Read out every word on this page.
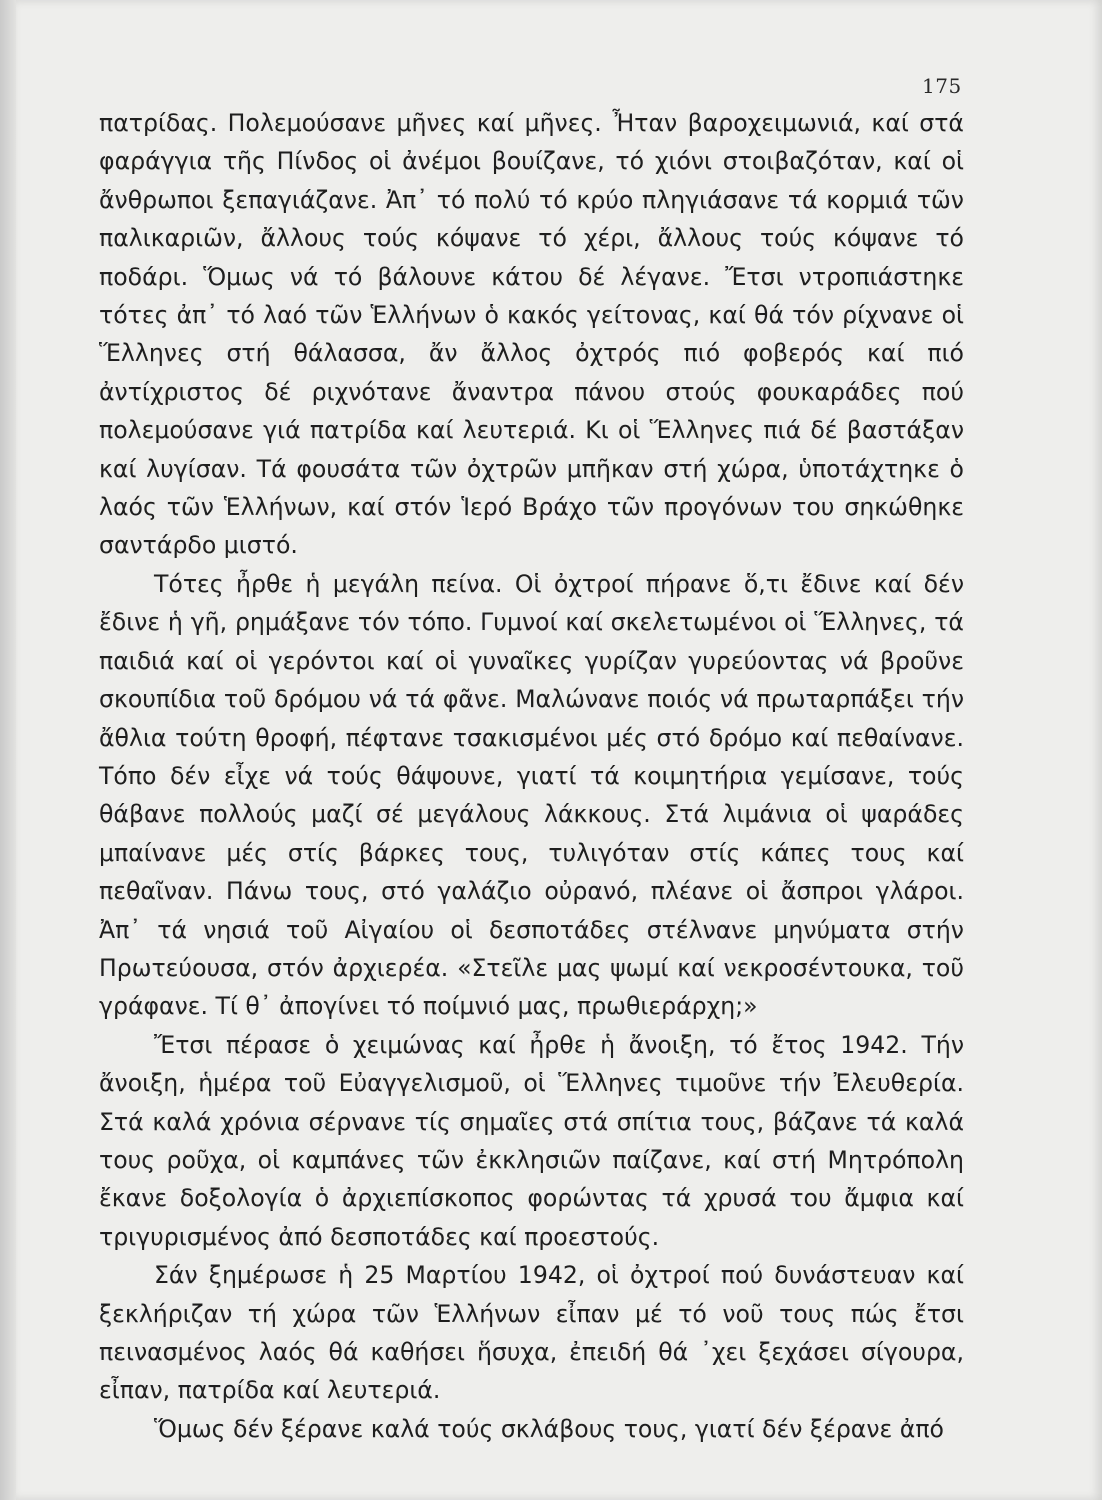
175

πατρίδας. Πολεμούσανε μῆνες καί μῆνες. Ἦταν βαροχειμωνιά, καί στά φαράγγια τῆς Πίνδος οἱ ἀνέμοι βουίζανε, τό χιόνι στοιβαζόταν, καί οἱ ἄνθρωποι ξεπαγιάζανε. Ἀπ᾽ τό πολύ τό κρύο πληγιάσανε τά κορμιά τῶν παλικαριῶν, ἄλλους τούς κόψανε τό χέρι, ἄλλους τούς κόψανε τό ποδάρι. Ὅμως νά τό βάλουνε κάτου δέ λέγανε. Ἔτσι ντροπιάστηκε τότες ἀπ᾽ τό λαό τῶν Ἑλλήνων ὁ κακός γείτονας, καί θά τόν ρίχνανε οἱ Ἕλληνες στή θάλασσα, ἄν ἄλλος ὀχτρός πιό φοβερός καί πιό ἀντίχριστος δέ ριχνότανε ἄναντρα πάνου στούς φουκαράδες πού πολεμούσανε γιά πατρίδα καί λευτεριά. Κι οἱ Ἕλληνες πιά δέ βαστάξαν καί λυγίσαν. Τά φουσάτα τῶν ὀχτρῶν μπῆκαν στή χώρα, ὑποτάχτηκε ὁ λαός τῶν Ἑλλήνων, καί στόν Ἱερό Βράχο τῶν προγόνων του σηκώθηκε σαντάρδο μιστό.

Τότες ἦρθε ἡ μεγάλη πείνα. Οἱ ὀχτροί πήρανε ὅ,τι ἔδινε καί δέν ἔδινε ἡ γῆ, ρημάξανε τόν τόπο. Γυμνοί καί σκελετωμένοι οἱ Ἕλληνες, τά παιδιά καί οἱ γερόντοι καί οἱ γυναῖκες γυρίζαν γυρεύοντας νά βροῦνε σκουπίδια τοῦ δρόμου νά τά φᾶνε. Μαλώνανε ποιός νά πρωταρπάξει τήν ἄθλια τούτη θροφή, πέφτανε τσακισμένοι μές στό δρόμο καί πεθαίνανε. Τόπο δέν εἶχε νά τούς θάψουνε, γιατί τά κοιμητήρια γεμίσανε, τούς θάβανε πολλούς μαζί σέ μεγάλους λάκκους. Στά λιμάνια οἱ ψαράδες μπαίνανε μές στίς βάρκες τους, τυλιγόταν στίς κάπες τους καί πεθαῖναν. Πάνω τους, στό γαλάζιο οὐρανό, πλέανε οἱ ἄσπροι γλάροι. Ἀπ᾽ τά νησιά τοῦ Αἰγαίου οἱ δεσποτάδες στέλνανε μηνύματα στήν Πρωτεύουσα, στόν ἀρχιερέα. «Στεῖλε μας ψωμί καί νεκροσέντουκα, τοῦ γράφανε. Τί θ᾽ ἀπογίνει τό ποίμνιό μας, πρωθιεράρχη;»

Ἔτσι πέρασε ὁ χειμώνας καί ἦρθε ἡ ἄνοιξη, τό ἔτος 1942. Τήν ἄνοιξη, ἡμέρα τοῦ Εὐαγγελισμοῦ, οἱ Ἕλληνες τιμοῦνε τήν Ἐλευθερία. Στά καλά χρόνια σέρνανε τίς σημαῖες στά σπίτια τους, βάζανε τά καλά τους ροῦχα, οἱ καμπάνες τῶν ἐκκλησιῶν παίζανε, καί στή Μητρόπολη ἔκανε δοξολογία ὁ ἀρχιεπίσκοπος φορώντας τά χρυσά του ἄμφια καί τριγυρισμένος ἀπό δεσποτάδες καί προεστούς.

Σάν ξημέρωσε ἡ 25 Μαρτίου 1942, οἱ ὀχτροί πού δυνάστευαν καί ξεκλήριζαν τή χώρα τῶν Ἑλλήνων εἶπαν μέ τό νοῦ τους πώς ἔτσι πεινασμένος λαός θά καθήσει ἥσυχα, ἐπειδή θά ᾽χει ξεχάσει σίγουρα, εἶπαν, πατρίδα καί λευτεριά.

Ὅμως δέν ξέρανε καλά τούς σκλάβους τους, γιατί δέν ξέρανε ἀπό
